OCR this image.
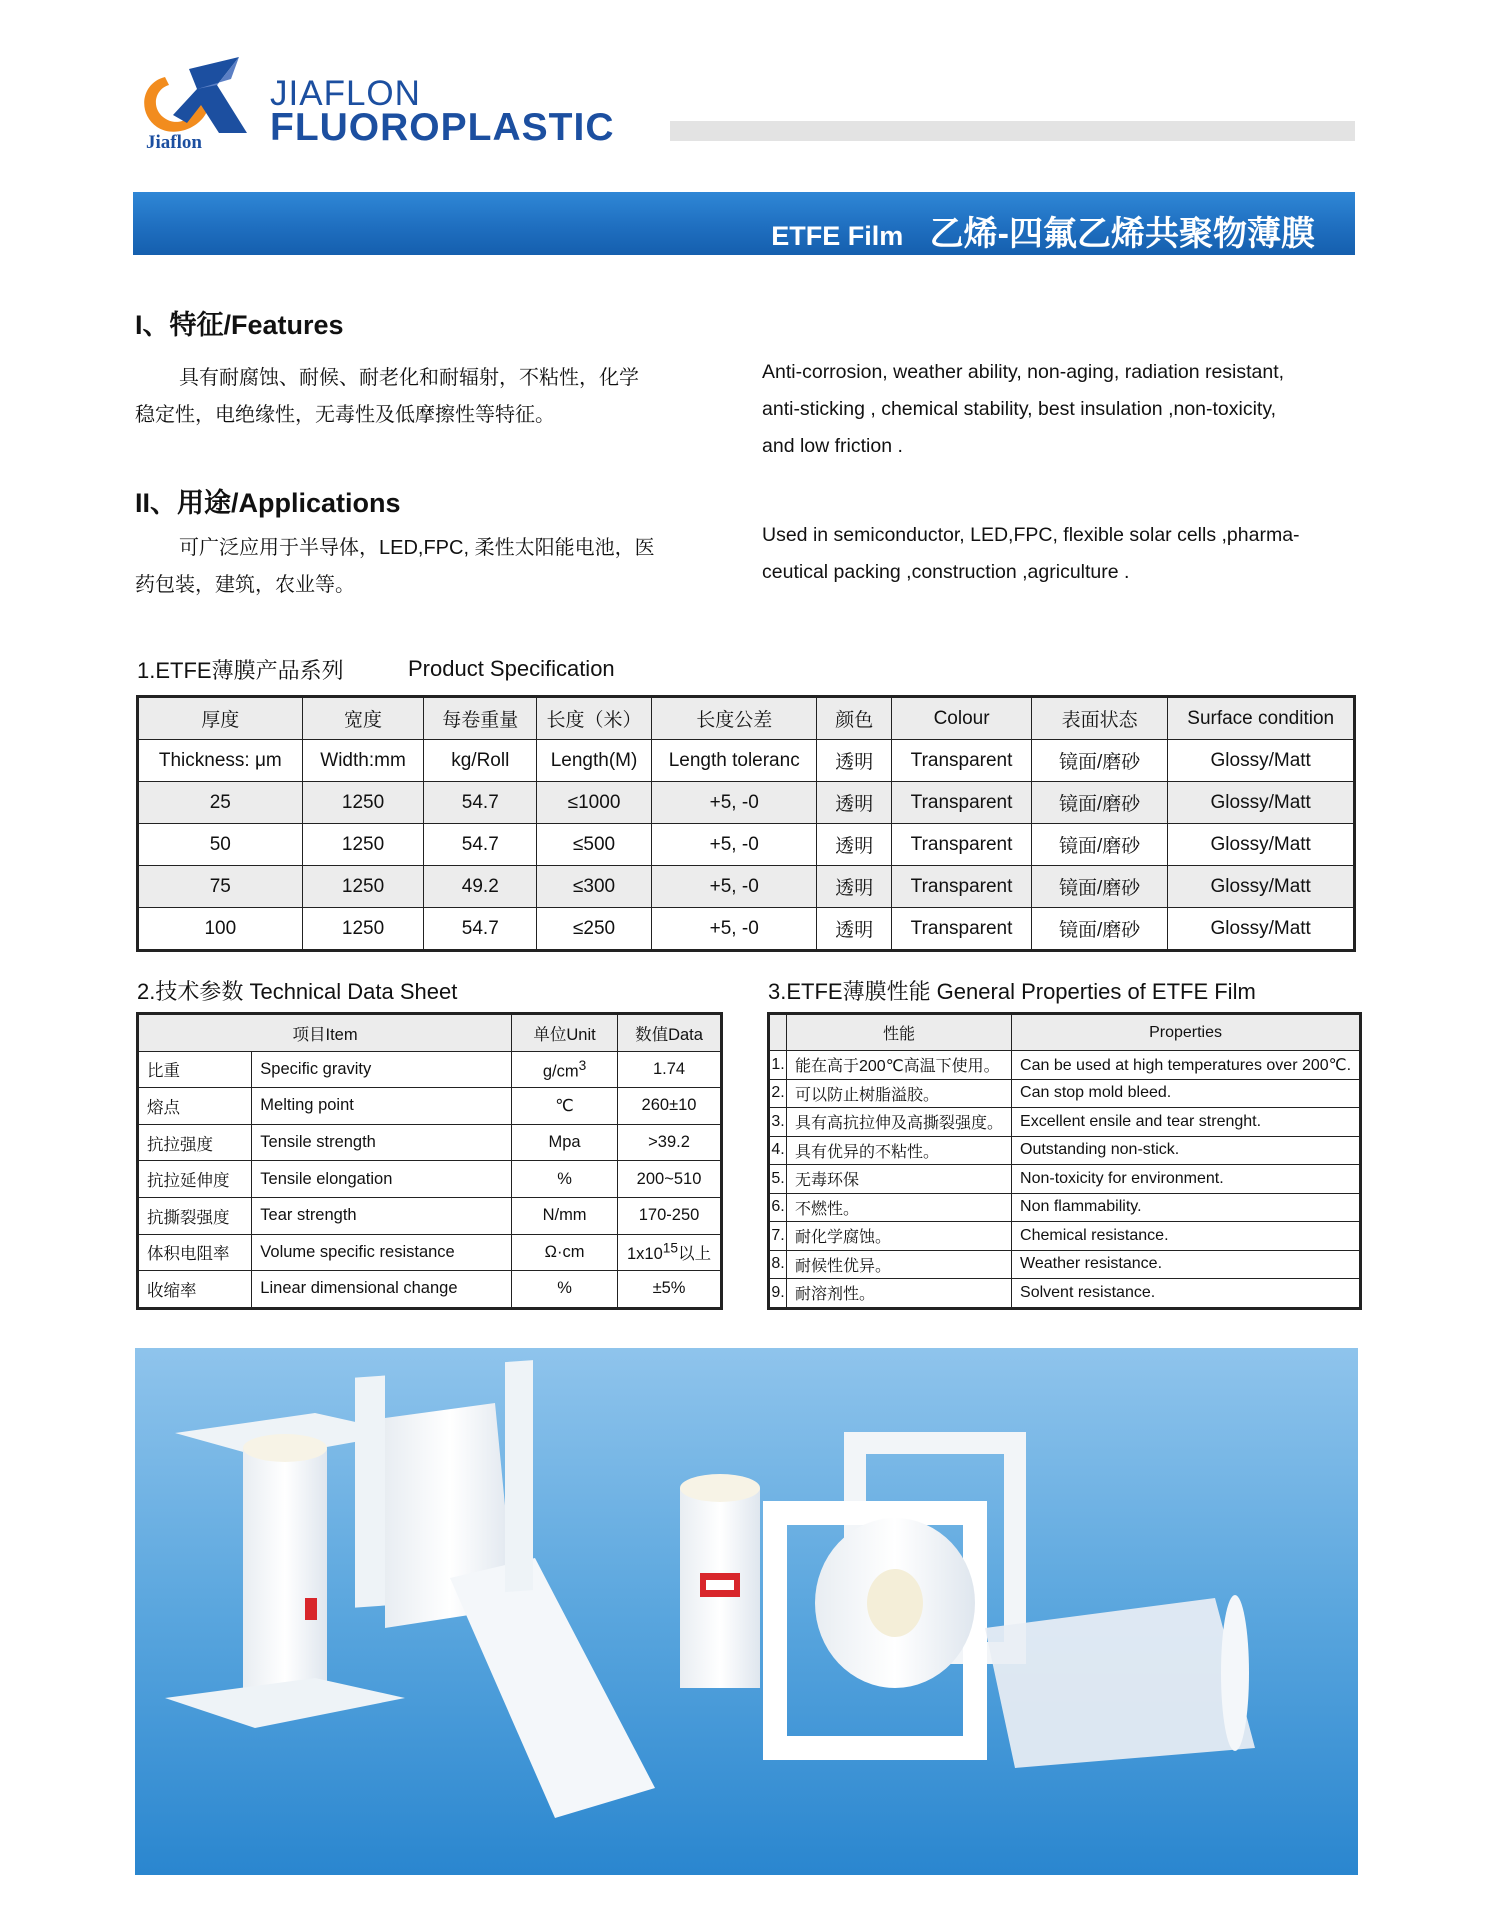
Jiaflon
JIAFLON
FLUOROPLASTIC
ETFE Film 乙烯-四氟乙烯共聚物薄膜
I、特征/Features
具有耐腐蚀、耐候、耐老化和耐辐射，不粘性，化学
稳定性，电绝缘性，无毒性及低摩擦性等特征。
Anti-corrosion, weather ability, non-aging, radiation resistant,
anti-sticking , chemical stability, best insulation ,non-toxicity,
and low friction .
II、用途/Applications
可广泛应用于半导体，LED,FPC, 柔性太阳能电池，医
药包装，建筑，农业等。
Used in semiconductor, LED,FPC, flexible solar cells ,pharma-
ceutical packing ,construction ,agriculture .
1.ETFE薄膜产品系列	Product Specification
厚度	宽度	每卷重量	长度（米）	长度公差	颜色	Colour	表面状态	Surface condition
Thickness: μm	Width:mm	kg/Roll	Length(M)	Length toleranc	透明	Transparent	镜面/磨砂	Glossy/Matt
25	1250	54.7	≤1000	+5, -0	透明	Transparent	镜面/磨砂	Glossy/Matt
50	1250	54.7	≤500	+5, -0	透明	Transparent	镜面/磨砂	Glossy/Matt
75	1250	49.2	≤300	+5, -0	透明	Transparent	镜面/磨砂	Glossy/Matt
100	1250	54.7	≤250	+5, -0	透明	Transparent	镜面/磨砂	Glossy/Matt
2.技术参数 Technical Data Sheet
项目Item		单位Unit	数值Data
比重	Specific gravity	$g/cm^3$	1.74
熔点	Melting point	℃	260±10
抗拉强度	Tensile strength	Mpa	>39.2
抗拉延伸度	Tensile elongation	%	200~510
抗撕裂强度	Tear strength	N/mm	170-250
体积电阻率	Volume specific resistance	Ω·cm	$1x10^{15}$以上
收缩率	Linear dimensional change	%	±5%
3.ETFE薄膜性能 General Properties of ETFE Film
	性能	Properties
1.	能在高于200℃高温下使用。	Can be used at high temperatures over 200℃.
2.	可以防止树脂溢胶。	Can stop mold bleed.
3.	具有高抗拉伸及高撕裂强度。	Excellent ensile and tear strenght.
4.	具有优异的不粘性。	Outstanding non-stick.
5.	无毒环保	Non-toxicity for environment.
6.	不燃性。	Non flammability.
7.	耐化学腐蚀。	Chemical resistance.
8.	耐候性优异。	Weather resistance.
9.	耐溶剂性。	Solvent resistance.
